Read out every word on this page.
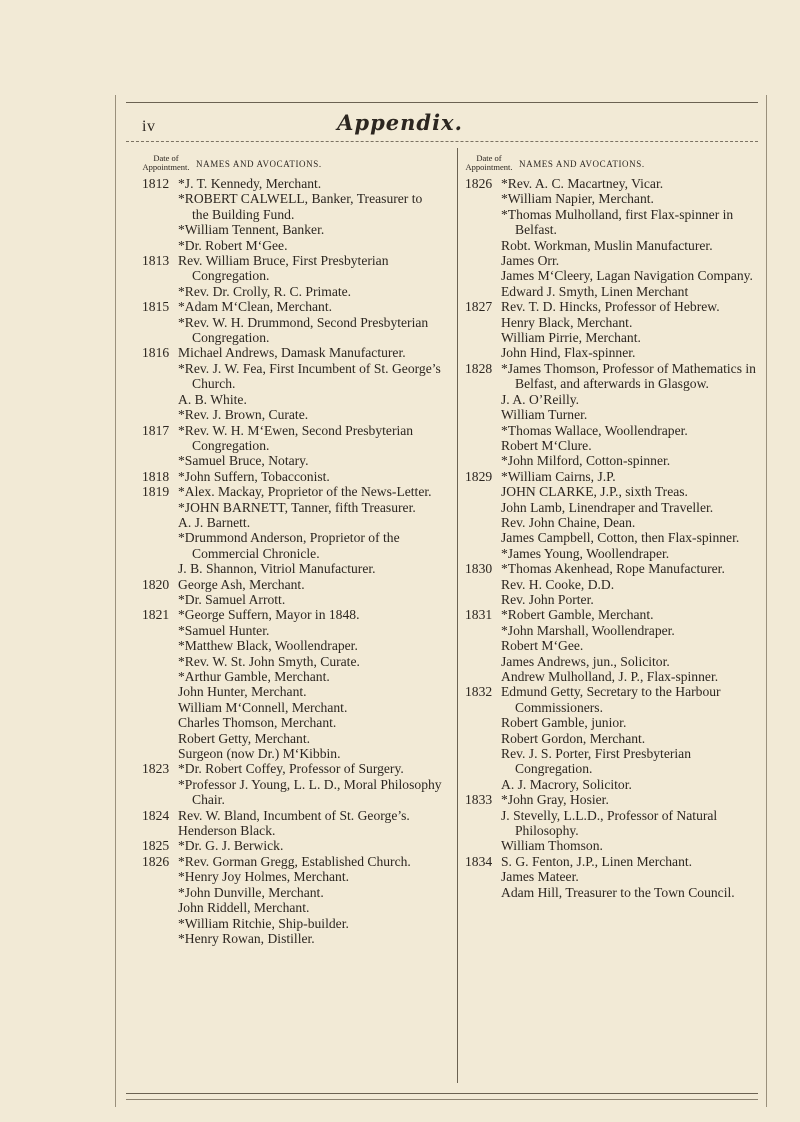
iv	Appendix.
Date of Appointment. NAMES AND AVOCATIONS.
1812 *J. T. Kennedy, Merchant.
*ROBERT CALWELL, Banker, Treasurer to the Building Fund.
*William Tennent, Banker.
*Dr. Robert M‘Gee.
1813 Rev. William Bruce, First Presbyterian Congregation.
*Rev. Dr. Crolly, R. C. Primate.
1815 *Adam M‘Clean, Merchant.
*Rev. W. H. Drummond, Second Presbyterian Congregation.
1816 Michael Andrews, Damask Manufacturer.
*Rev. J. W. Fea, First Incumbent of St. George’s Church.
A. B. White.
*Rev. J. Brown, Curate.
1817 *Rev. W. H. M‘Ewen, Second Presbyterian Congregation.
*Samuel Bruce, Notary.
1818 *John Suffern, Tobacconist.
1819 *Alex. Mackay, Proprietor of the News-Letter.
*JOHN BARNETT, Tanner, fifth Treasurer.
A. J. Barnett.
*Drummond Anderson, Proprietor of the Commercial Chronicle.
J. B. Shannon, Vitriol Manufacturer.
1820 George Ash, Merchant.
*Dr. Samuel Arrott.
1821 *George Suffern, Mayor in 1848.
*Samuel Hunter.
*Matthew Black, Woollendraper.
*Rev. W. St. John Smyth, Curate.
*Arthur Gamble, Merchant.
John Hunter, Merchant.
William M‘Connell, Merchant.
Charles Thomson, Merchant.
Robert Getty, Merchant.
Surgeon (now Dr.) M‘Kibbin.
1823 *Dr. Robert Coffey, Professor of Surgery.
*Professor J. Young, L. L. D., Moral Philosophy Chair.
1824 Rev. W. Bland, Incumbent of St. George’s.
Henderson Black.
1825 *Dr. G. J. Berwick.
1826 *Rev. Gorman Gregg, Established Church.
*Henry Joy Holmes, Merchant.
*John Dunville, Merchant.
John Riddell, Merchant.
*William Ritchie, Ship-builder.
*Henry Rowan, Distiller.
Date of Appointment. NAMES AND AVOCATIONS.
1826 *Rev. A. C. Macartney, Vicar.
*William Napier, Merchant.
*Thomas Mulholland, first Flax-spinner in Belfast.
Robt. Workman, Muslin Manufacturer.
James Orr.
James M‘Cleery, Lagan Navigation Company.
Edward J. Smyth, Linen Merchant
1827 Rev. T. D. Hincks, Professor of Hebrew.
Henry Black, Merchant.
William Pirrie, Merchant.
John Hind, Flax-spinner.
1828 *James Thomson, Professor of Mathematics in Belfast, and afterwards in Glasgow.
J. A. O’Reilly.
William Turner.
*Thomas Wallace, Woollendraper.
Robert M‘Clure.
*John Milford, Cotton-spinner.
1829 *William Cairns, J.P.
JOHN CLARKE, J.P., sixth Treas.
John Lamb, Linendraper and Traveller.
Rev. John Chaine, Dean.
James Campbell, Cotton, then Flax-spinner.
*James Young, Woollendraper.
1830 *Thomas Akenhead, Rope Manufacturer.
Rev. H. Cooke, D.D.
Rev. John Porter.
1831 *Robert Gamble, Merchant.
*John Marshall, Woollendraper.
Robert M‘Gee.
James Andrews, jun., Solicitor.
Andrew Mulholland, J. P., Flax-spinner.
1832 Edmund Getty, Secretary to the Harbour Commissioners.
Robert Gamble, junior.
Robert Gordon, Merchant.
Rev. J. S. Porter, First Presbyterian Congregation.
A. J. Macrory, Solicitor.
1833 *John Gray, Hosier.
J. Stevelly, L.L.D., Professor of Natural Philosophy.
William Thomson.
1834 S. G. Fenton, J.P., Linen Merchant.
James Mateer.
Adam Hill, Treasurer to the Town Council.
